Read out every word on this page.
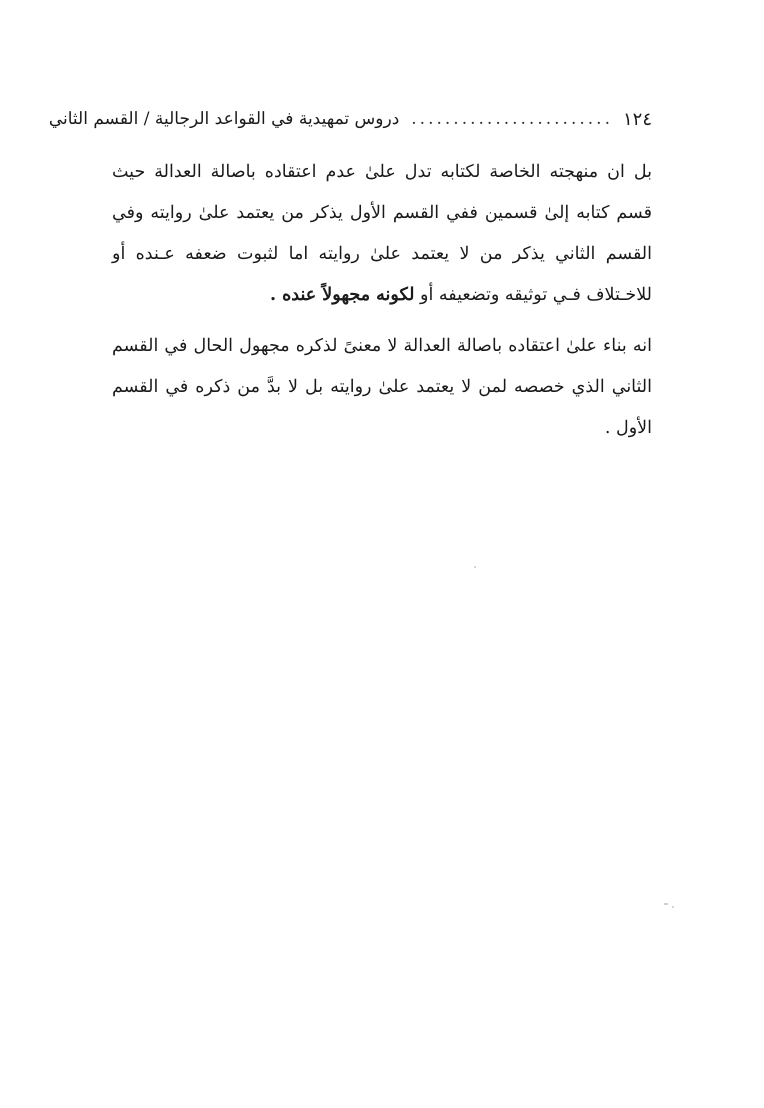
١٢٤
........................
دروس تمهيدية في القواعد الرجالية / القسم الثاني

بل ان منهجته الخاصة لكتابه تدل علىٰ عدم اعتقاده باصالة العدالة حيث قسم كتابه إلىٰ قسمين ففي القسم الأول يذكر من يعتمد علىٰ روايته وفي القسم الثاني يذكر من لا يعتمد علىٰ روايته اما لثبوت ضعفه عـنده أو للاخـتلاف فـي توثيقه وتضعيفه أو لكونه مجهولاً عنده .

انه بناء علىٰ اعتقاده باصالة العدالة لا معنىً لذكره مجهول الحال في القسم الثاني الذي خصصه لمن لا يعتمد علىٰ روايته بل لا بدَّ من ذكره في القسم الأول .
